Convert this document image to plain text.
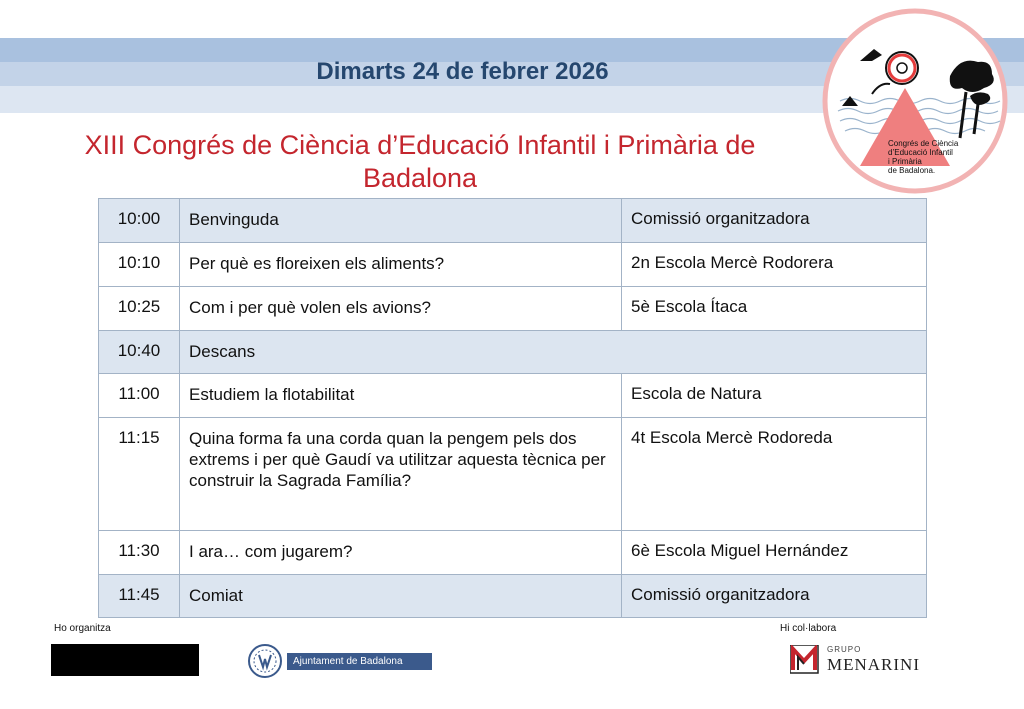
Dimarts 24 de febrer 2026
XIII Congrés de Ciència d’Educació Infantil i Primària de Badalona
Congrés de Ciència
d’Educació Infantil
i Primària
de Badalona.
10:00	Benvinguda	Comissió organitzadora
10:10	Per què es floreixen els aliments?	2n Escola Mercè Rodorera
10:25	Com i per què volen els avions?	5è Escola Ítaca
10:40	Descans	
11:00	Estudiem la flotabilitat	Escola de Natura
11:15	Quina forma fa una corda quan la pengem pels dos extrems i per què Gaudí va utilitzar aquesta tècnica per construir la Sagrada Família?	4t Escola Mercè Rodoreda
11:30	I ara… com jugarem?	6è Escola Miguel Hernández
11:45	Comiat	Comissió organitzadora
Ho organitza	Hi col·labora
Ajuntament de Badalona
GRUPO
MENARINI
